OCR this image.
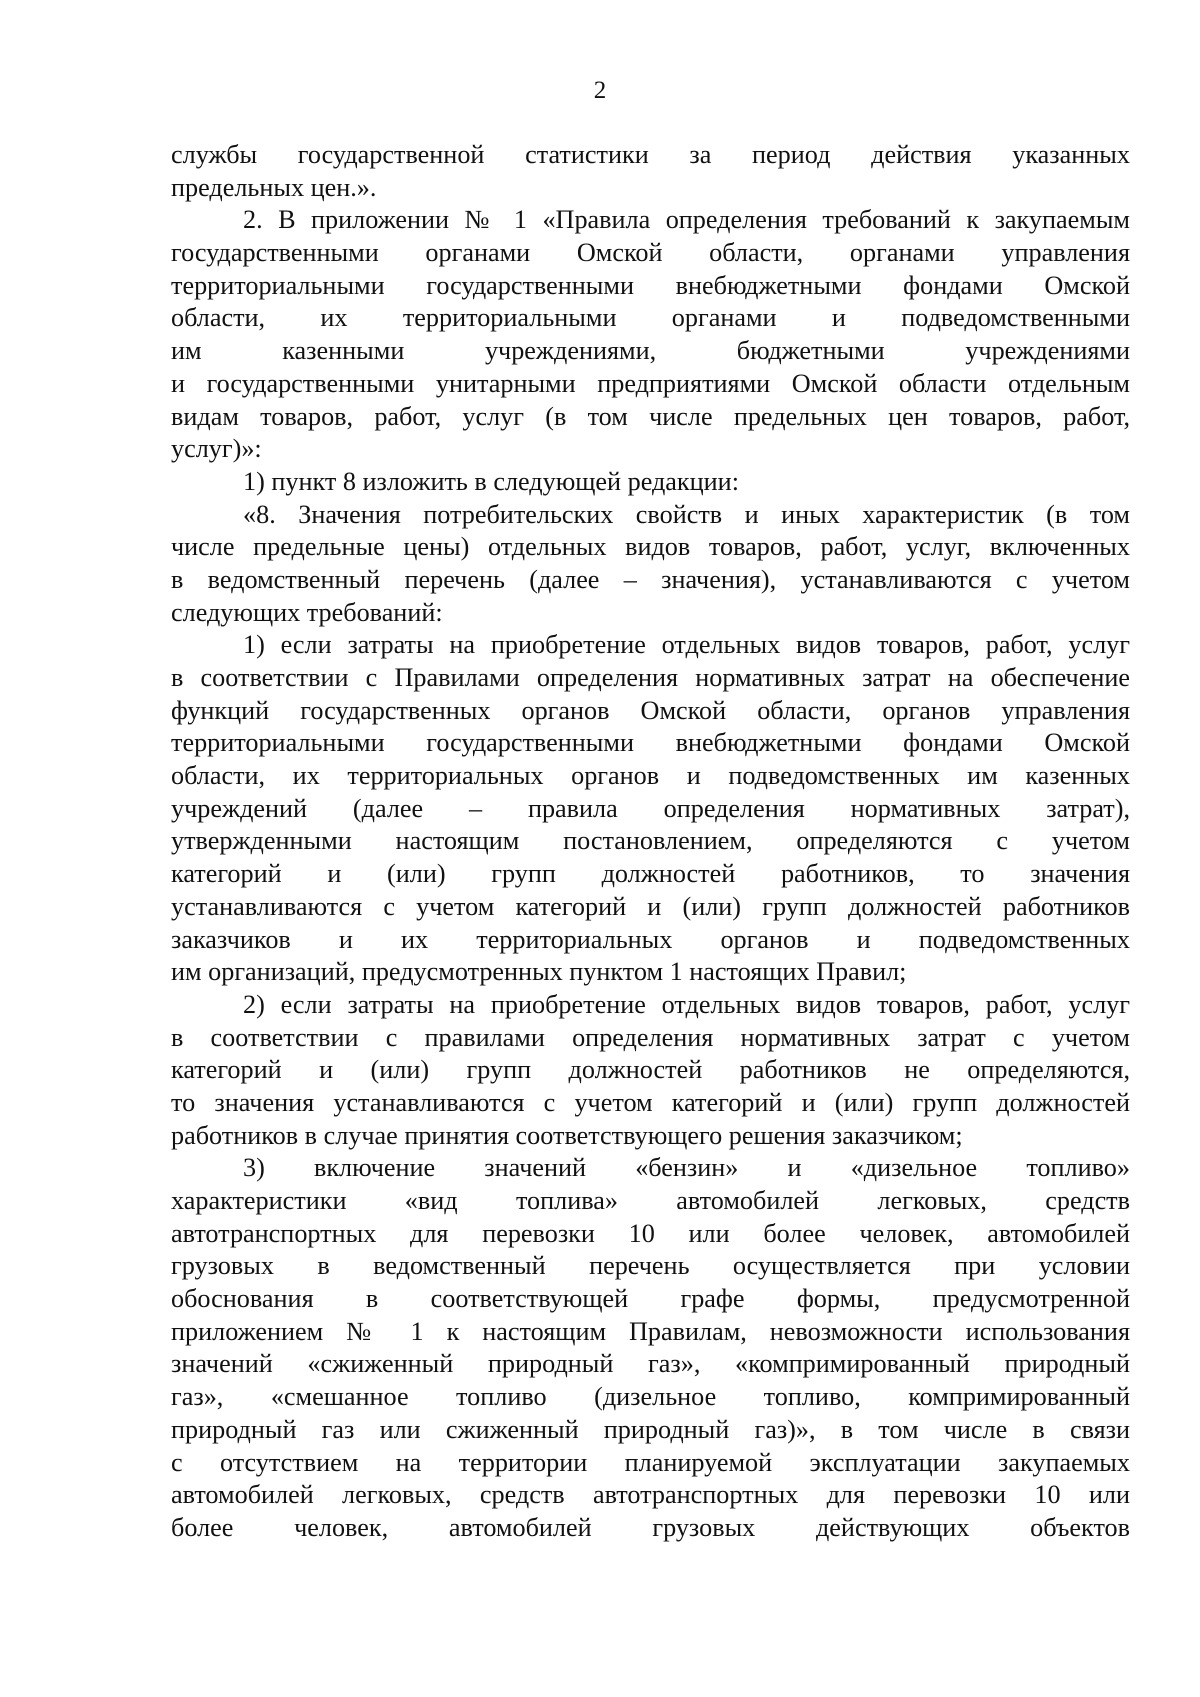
2
службы государственной статистики за период действия указанных
предельных цен.».
2. В приложении № 1 «Правила определения требований к закупаемым
государственными органами Омской области, органами управления
территориальными государственными внебюджетными фондами Омской
области, их территориальными органами и подведомственными
им казенными учреждениями, бюджетными учреждениями
и государственными унитарными предприятиями Омской области отдельным
видам товаров, работ, услуг (в том числе предельных цен товаров, работ,
услуг)»:
1) пункт 8 изложить в следующей редакции:
«8. Значения потребительских свойств и иных характеристик (в том
числе предельные цены) отдельных видов товаров, работ, услуг, включенных
в ведомственный перечень (далее – значения), устанавливаются с учетом
следующих требований:
1) если затраты на приобретение отдельных видов товаров, работ, услуг
в соответствии с Правилами определения нормативных затрат на обеспечение
функций государственных органов Омской области, органов управления
территориальными государственными внебюджетными фондами Омской
области, их территориальных органов и подведомственных им казенных
учреждений (далее – правила определения нормативных затрат),
утвержденными настоящим постановлением, определяются с учетом
категорий и (или) групп должностей работников, то значения
устанавливаются с учетом категорий и (или) групп должностей работников
заказчиков и их территориальных органов и подведомственных
им организаций, предусмотренных пунктом 1 настоящих Правил;
2) если затраты на приобретение отдельных видов товаров, работ, услуг
в соответствии с правилами определения нормативных затрат с учетом
категорий и (или) групп должностей работников не определяются,
то значения устанавливаются с учетом категорий и (или) групп должностей
работников в случае принятия соответствующего решения заказчиком;
3) включение значений «бензин» и «дизельное топливо»
характеристики «вид топлива» автомобилей легковых, средств
автотранспортных для перевозки 10 или более человек, автомобилей
грузовых в ведомственный перечень осуществляется при условии
обоснования в соответствующей графе формы, предусмотренной
приложением № 1 к настоящим Правилам, невозможности использования
значений «сжиженный природный газ», «компримированный природный
газ», «смешанное топливо (дизельное топливо, компримированный
природный газ или сжиженный природный газ)», в том числе в связи
с отсутствием на территории планируемой эксплуатации закупаемых
автомобилей легковых, средств автотранспортных для перевозки 10 или
более человек, автомобилей грузовых действующих объектов
